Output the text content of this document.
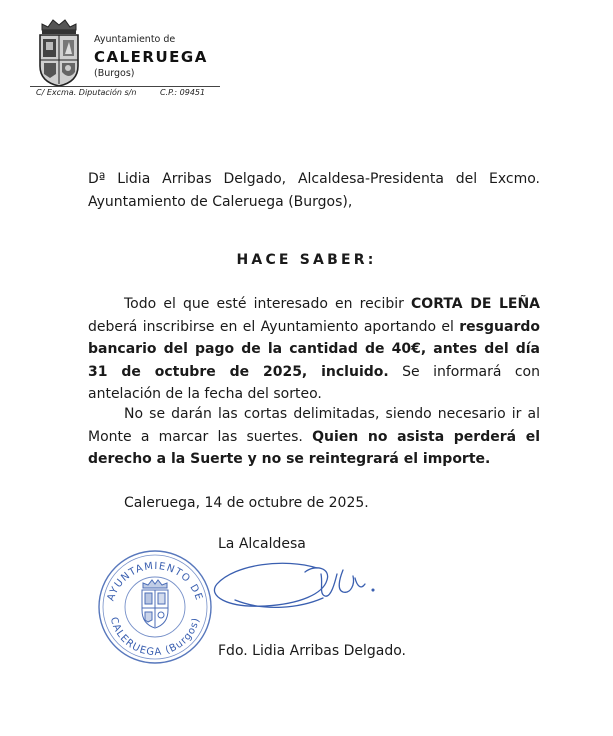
Ayuntamiento de
CALERUEGA
(Burgos)
C/ Excma. Diputación s/n	C.P.: 09451
Dª Lidia Arribas Delgado, Alcaldesa-Presidenta del Excmo. Ayuntamiento de Caleruega (Burgos),
HACE SABER:
Todo el que esté interesado en recibir CORTA DE LEÑA deberá inscribirse en el Ayuntamiento aportando el resguardo bancario del pago de la cantidad de 40€, antes del día 31 de octubre de 2025, incluido. Se informará con antelación de la fecha del sorteo.
No se darán las cortas delimitadas, siendo necesario ir al Monte a marcar las suertes. Quien no asista perderá el derecho a la Suerte y no se reintegrará el importe.
Caleruega, 14 de octubre de 2025.
La Alcaldesa
AYUNTAMIENTO DE
CALERUEGA (Burgos)
Fdo. Lidia Arribas Delgado.
